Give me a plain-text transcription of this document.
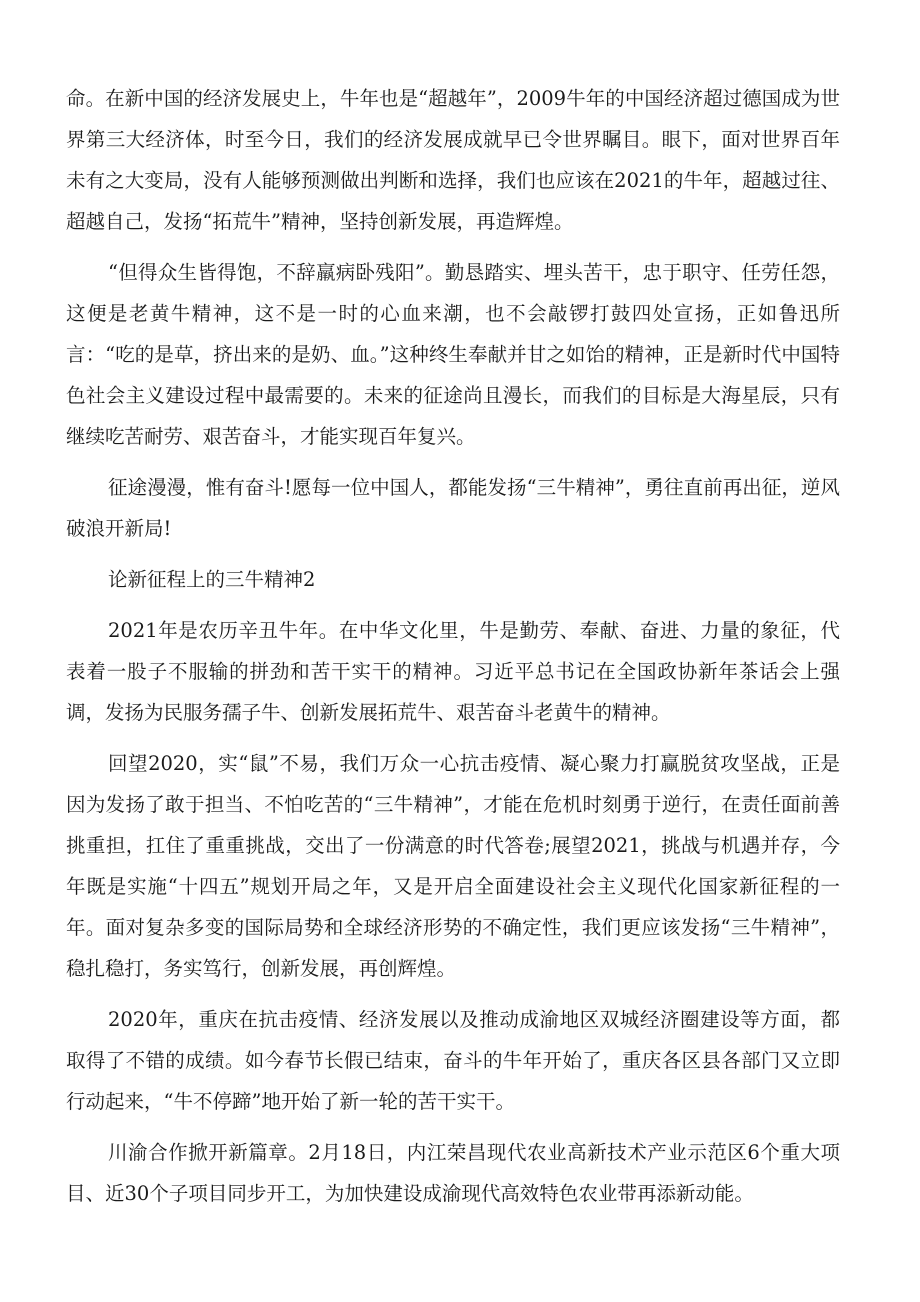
命。在新中国的经济发展史上，牛年也是“超越年”，2009牛年的中国经济超过德国成为世界第三大经济体，时至今日，我们的经济发展成就早已令世界瞩目。眼下，面对世界百年未有之大变局，没有人能够预测做出判断和选择，我们也应该在2021的牛年，超越过往、超越自己，发扬“拓荒牛”精神，坚持创新发展，再造辉煌。

“但得众生皆得饱，不辞羸病卧残阳”。勤恳踏实、埋头苦干，忠于职守、任劳任怨，这便是老黄牛精神，这不是一时的心血来潮，也不会敲锣打鼓四处宣扬，正如鲁迅所言：“吃的是草，挤出来的是奶、血。”这种终生奉献并甘之如饴的精神，正是新时代中国特色社会主义建设过程中最需要的。未来的征途尚且漫长，而我们的目标是大海星辰，只有继续吃苦耐劳、艰苦奋斗，才能实现百年复兴。

征途漫漫，惟有奋斗!愿每一位中国人，都能发扬“三牛精神”，勇往直前再出征，逆风破浪开新局!

论新征程上的三牛精神2

2021年是农历辛丑牛年。在中华文化里，牛是勤劳、奉献、奋进、力量的象征，代表着一股子不服输的拼劲和苦干实干的精神。习近平总书记在全国政协新年茶话会上强调，发扬为民服务孺子牛、创新发展拓荒牛、艰苦奋斗老黄牛的精神。

回望2020，实“鼠”不易，我们万众一心抗击疫情、凝心聚力打赢脱贫攻坚战，正是因为发扬了敢于担当、不怕吃苦的“三牛精神”，才能在危机时刻勇于逆行，在责任面前善挑重担，扛住了重重挑战，交出了一份满意的时代答卷;展望2021，挑战与机遇并存，今年既是实施“十四五”规划开局之年，又是开启全面建设社会主义现代化国家新征程的一年。面对复杂多变的国际局势和全球经济形势的不确定性，我们更应该发扬“三牛精神”，稳扎稳打，务实笃行，创新发展，再创辉煌。

2020年，重庆在抗击疫情、经济发展以及推动成渝地区双城经济圈建设等方面，都取得了不错的成绩。如今春节长假已结束，奋斗的牛年开始了，重庆各区县各部门又立即行动起来，“牛不停蹄”地开始了新一轮的苦干实干。

川渝合作掀开新篇章。2月18日，内江荣昌现代农业高新技术产业示范区6个重大项目、近30个子项目同步开工，为加快建设成渝现代高效特色农业带再添新动能。
